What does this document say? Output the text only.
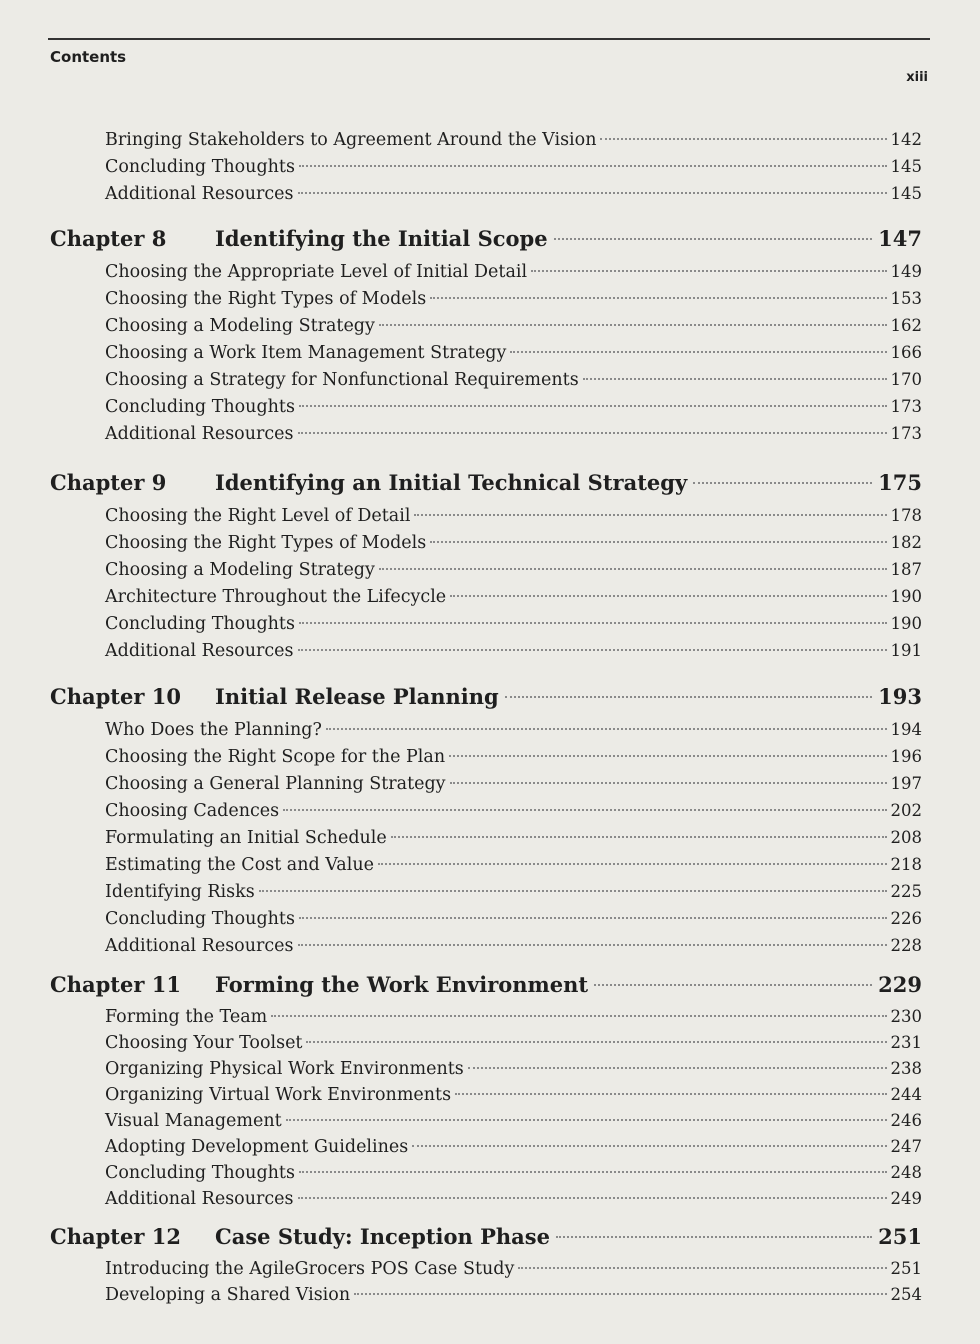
Contents
xiii
Bringing Stakeholders to Agreement Around the Vision	142
Concluding Thoughts	145
Additional Resources	145
Chapter 8	Identifying the Initial Scope	147
Choosing the Appropriate Level of Initial Detail	149
Choosing the Right Types of Models	153
Choosing a Modeling Strategy	162
Choosing a Work Item Management Strategy	166
Choosing a Strategy for Nonfunctional Requirements	170
Concluding Thoughts	173
Additional Resources	173
Chapter 9	Identifying an Initial Technical Strategy	175
Choosing the Right Level of Detail	178
Choosing the Right Types of Models	182
Choosing a Modeling Strategy	187
Architecture Throughout the Lifecycle	190
Concluding Thoughts	190
Additional Resources	191
Chapter 10	Initial Release Planning	193
Who Does the Planning?	194
Choosing the Right Scope for the Plan	196
Choosing a General Planning Strategy	197
Choosing Cadences	202
Formulating an Initial Schedule	208
Estimating the Cost and Value	218
Identifying Risks	225
Concluding Thoughts	226
Additional Resources	228
Chapter 11	Forming the Work Environment	229
Forming the Team	230
Choosing Your Toolset	231
Organizing Physical Work Environments	238
Organizing Virtual Work Environments	244
Visual Management	246
Adopting Development Guidelines	247
Concluding Thoughts	248
Additional Resources	249
Chapter 12	Case Study: Inception Phase	251
Introducing the AgileGrocers POS Case Study	251
Developing a Shared Vision	254
